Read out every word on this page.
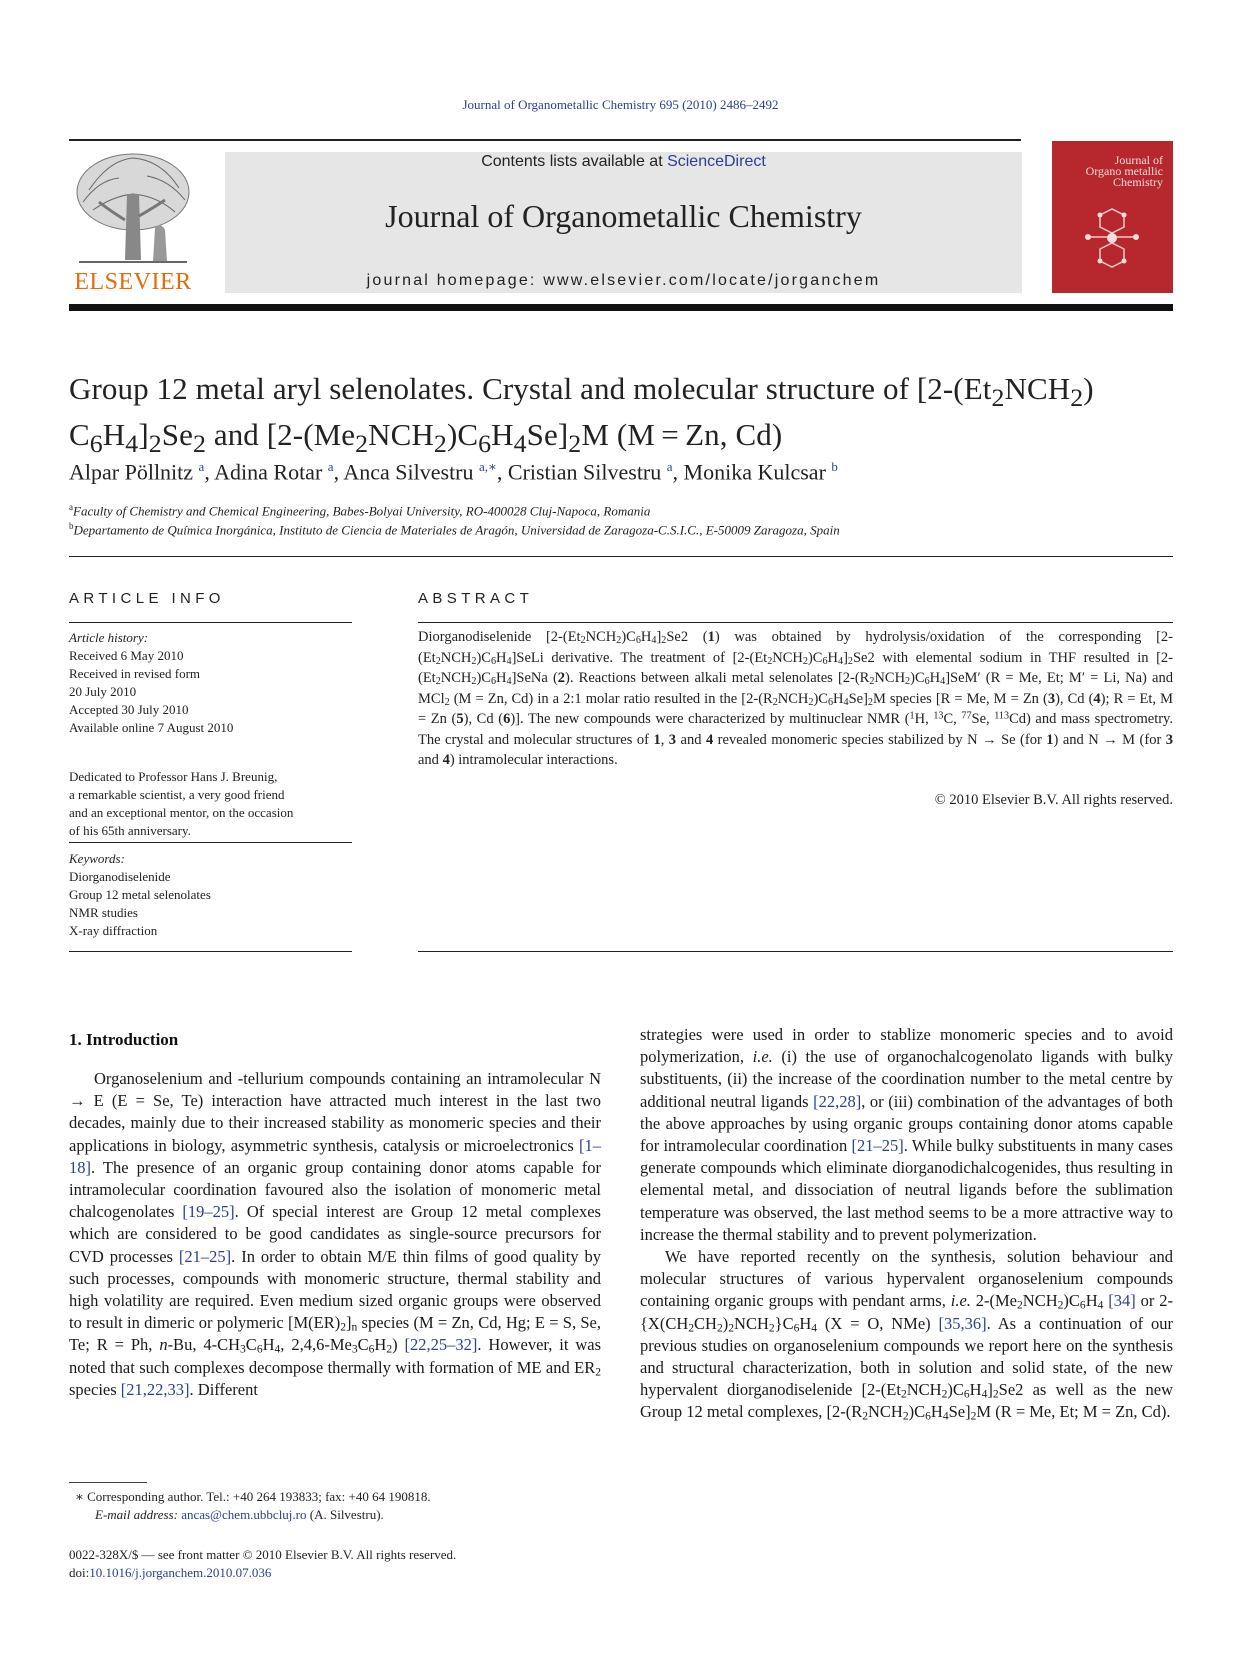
Journal of Organometallic Chemistry 695 (2010) 2486–2492
ELSEVIER
Contents lists available at ScienceDirect
Journal of Organometallic Chemistry
journal homepage: www.elsevier.com/locate/jorganchem
Journal of Organo metallic Chemistry
Group 12 metal aryl selenolates. Crystal and molecular structure of [$2-(Et_2NCH_2)$
$C_6H_4]_2Se_2$ and $[2-(Me_2NCH_2)C_6H_4Se]_2M$ (M = Zn, Cd)
Alpar Pöllnitz $^a$, Adina Rotar $^a$, Anca Silvestru $^{a,∗}$, Cristian Silvestru $^a$, Monika Kulcsar $^b$
$^a$Faculty of Chemistry and Chemical Engineering, Babes-Bolyai University, RO-400028 Cluj-Napoca, Romania
$^b$Departamento de Química Inorgánica, Instituto de Ciencia de Materiales de Aragón, Universidad de Zaragoza-C.S.I.C., E-50009 Zaragoza, Spain
ARTICLE INFO
Article history:
Received 6 May 2010
Received in revised form
20 July 2010
Accepted 30 July 2010
Available online 7 August 2010
Dedicated to Professor Hans J. Breunig,
a remarkable scientist, a very good friend
and an exceptional mentor, on the occasion
of his 65th anniversary.
Keywords:
Diorganodiselenide
Group 12 metal selenolates
NMR studies
X-ray diffraction
ABSTRACT
Diorganodiselenide $[2-(Et_2NCH_2)C_6H_4]_2Se2$ (1) was obtained by hydrolysis/oxidation of the corresponding $[2-(Et_2NCH_2)C_6H_4]SeLi$ derivative. The treatment of $[2-(Et_2NCH_2)C_6H_4]_2Se2$ with elemental sodium in THF resulted in $[2-(Et_2NCH_2)C_6H_4]SeNa$ (2). Reactions between alkali metal selenolates $[2-(R_2NCH_2)C_6H_4]SeM'$ (R = Me, Et; M′ = Li, Na) and MCl$_2$ (M = Zn, Cd) in a 2:1 molar ratio resulted in the $[2-(R_2NCH_2)C_6H_4Se]_2M$ species [R = Me, M = Zn (3), Cd (4); R = Et, M = Zn (5), Cd (6)]. The new compounds were characterized by multinuclear NMR ($^1$H, $^{13}$C, $^{77}$Se, $^{113}$Cd) and mass spectrometry. The crystal and molecular structures of 1, 3 and 4 revealed monomeric species stabilized by N → Se (for 1) and N → M (for 3 and 4) intramolecular interactions.
© 2010 Elsevier B.V. All rights reserved.
1. Introduction

Organoselenium and -tellurium compounds containing an intramolecular N → E (E = Se, Te) interaction have attracted much interest in the last two decades, mainly due to their increased stability as monomeric species and their applications in biology, asymmetric synthesis, catalysis or microelectronics [1–18]. The presence of an organic group containing donor atoms capable for intramolecular coordination favoured also the isolation of monomeric metal chalcogenolates [19–25]. Of special interest are Group 12 metal complexes which are considered to be good candidates as single-source precursors for CVD processes [21–25]. In order to obtain M/E thin films of good quality by such processes, compounds with monomeric structure, thermal stability and high volatility are required. Even medium sized organic groups were observed to result in dimeric or polymeric $[M(ER)_2]_n$ species (M = Zn, Cd, Hg; E = S, Se, Te; R = Ph, n-Bu, $4-CH_3C_6H_4$, $2,4,6-Me_3C_6H_2$) [22,25–32]. However, it was noted that such complexes decompose thermally with formation of ME and $ER_2$ species [21,22,33]. Different

strategies were used in order to stablize monomeric species and to avoid polymerization, i.e. (i) the use of organochalcogenolato ligands with bulky substituents, (ii) the increase of the coordination number to the metal centre by additional neutral ligands [22,28], or (iii) combination of the advantages of both the above approaches by using organic groups containing donor atoms capable for intramolecular coordination [21–25]. While bulky substituents in many cases generate compounds which eliminate diorganodichalcogenides, thus resulting in elemental metal, and dissociation of neutral ligands before the sublimation temperature was observed, the last method seems to be a more attractive way to increase the thermal stability and to prevent polymerization.

We have reported recently on the synthesis, solution behaviour and molecular structures of various hypervalent organoselenium compounds containing organic groups with pendant arms, i.e. $2-(Me_2NCH_2)C_6H_4$ [34] or $2-\{X(CH_2CH_2)_2NCH_2\}C_6H_4$ (X = O, NMe) [35,36]. As a continuation of our previous studies on organoselenium compounds we report here on the synthesis and structural characterization, both in solution and solid state, of the new hypervalent diorganodiselenide $[2-(Et_2NCH_2)C_6H_4]_2Se2$ as well as the new Group 12 metal complexes, $[2-(R_2NCH_2)C_6H_4Se]_2M$ (R = Me, Et; M = Zn, Cd).

∗ Corresponding author. Tel.: +40 264 193833; fax: +40 64 190818.
E-mail address: ancas@chem.ubbcluj.ro (A. Silvestru).
0022-328X/$ — see front matter © 2010 Elsevier B.V. All rights reserved.
doi:10.1016/j.jorganchem.2010.07.036
